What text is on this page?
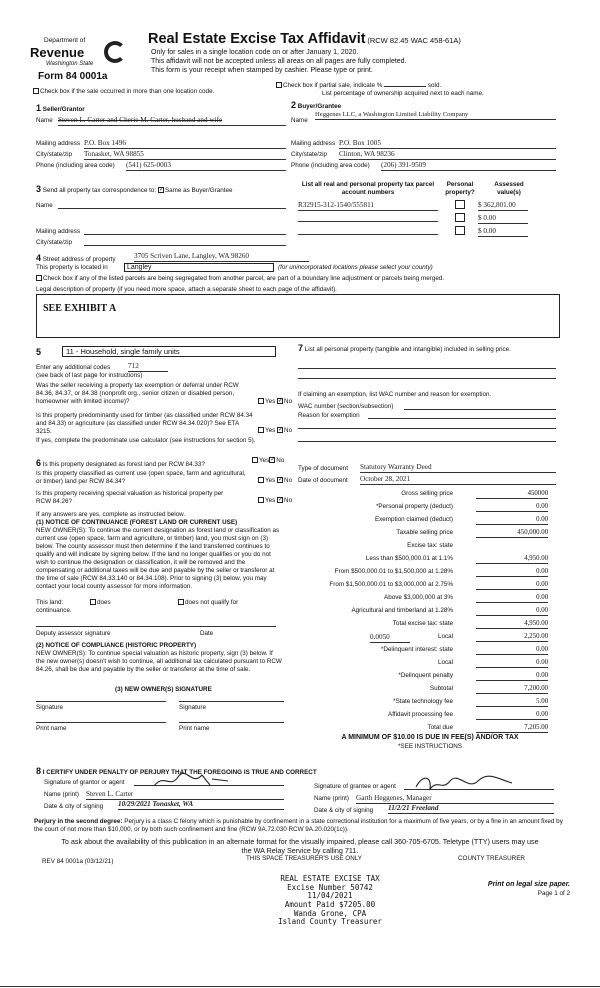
Department of
Revenue
Washington State
Form 84 0001a
Real Estate Excise Tax Affidavit (RCW 82.45 WAC 458-61A)
Only for sales in a single location code on or after January 1, 2020.
This affidavit will not be accepted unless all areas on all pages are fully completed.
This form is your receipt when stamped by cashier. Please type or print.
Check box if the sale occurred in more than one location code.
Check box if partial sale, indicate %	sold.
List percentage of ownership acquired next to each name.
1 Seller/Grantor
Name Steven L. Carter and Cherie M. Carter, husband and wife
Mailing address P.O. Box 1496
City/state/zip Tonasket, WA 98855
Phone (including area code) (541) 625-0003
2 Buyer/Grantee
Name
Heggenes LLC, a Washington Limited Liability Company
Mailing address P.O. Box 1005
City/state/zip Clinton, WA 98236
Phone (including area code) (206) 391-9509
3 Send all property tax correspondence to: ✓ Same as Buyer/Grantee
Name
Mailing address
City/state/zip
List all real and personal property tax parcel account numbers
Personal property?
Assessed value(s)
R32915-312-1540/555811	$ 362,801.00
$ 0.00
$ 0.00
4 Street address of property	3705 Scriven Lane, Langley, WA 98260
This property is located in	Langley	(for unincorporated locations please select your county)
Check box if any of the listed parcels are being segregated from another parcel, are part of a boundary line adjustment or parcels being merged.
Legal description of property (if you need more space, attach a separate sheet to each page of the affidavit).
SEE EXHIBIT A
5	11 - Household, single family units
Enter any additional codes 712
(see back of last page for instructions)
Was the seller receiving a property tax exemption or deferral under RCW 84.36, 84.37, or 84.38 (nonprofit org., senior citizen or disabled person, homeowner with limited income)?	Yes ✓ No
Is this property predominantly used for timber (as classified under RCW 84.34 and 84.33) or agriculture (as classified under RCW 84.34.020)? See ETA 3215.	Yes ✓ No
If yes, complete the predominate use calculator (see instructions for section 5).
6 Is this property designated as forest land per RCW 84.33?
Yes ✓ No
Is this property classified as current use (open space, farm and agricultural, or timber) land per RCW 84.34?	Yes ✓ No
Is this property receiving special valuation as historical property per RCW 84.26?	Yes ✓ No
If any answers are yes, complete as instructed below.
(1) NOTICE OF CONTINUANCE (FOREST LAND OR CURRENT USE)
NEW OWNER(S): To continue the current designation as forest land or classification as current use (open space, farm and agriculture, or timber) land, you must sign on (3) below. The county assessor must then determine if the land transferred continues to qualify and will indicate by signing below. If the land no longer qualifies or you do not wish to continue the designation or classification, it will be removed and the compensating or additional taxes will be due and payable by the seller or transferor at the time of sale (RCW 84.33.140 or 84.34.108). Prior to signing (3) below, you may contact your local county assessor for more information.
This land:	does	does not qualify for
continuance.
Deputy assessor signature	Date
(2) NOTICE OF COMPLIANCE (HISTORIC PROPERTY)
NEW OWNER(S): To continue special valuation as historic property, sign (3) below. If the new owner(s) doesn't wish to continue, all additional tax calculated pursuant to RCW 84.26, shall be due and payable by the seller or transferor at the time of sale.
(3) NEW OWNER(S) SIGNATURE
Signature	Signature
Print name	Print name
7 List all personal property (tangible and intangible) included in selling price.
If claiming an exemption, list WAC number and reason for exemption.
WAC number (section/subsection)
Reason for exemption
Type of document Statutory Warranty Deed
Date of document October 28, 2021
Gross selling price	450000
*Personal property (deduct)	0.00
Exemption claimed (deduct)	0.00
Taxable selling price	450,000.00
Excise tax: state
Less than $500,000.01 at 1.1%	4,950.00
From $500,000.01 to $1,500,000 at 1.28%	0.00
From $1,500,000.01 to $3,000,000 at 2.75%	0.00
Above $3,000,000 at 3%	0.00
Agricultural and timberland at 1.28%	0.00
Total excise tax: state	4,950.00
0.0050	Local	2,250.00
*Delinquent interest: state	0.00
Local	0.00
*Delinquent penalty	0.00
Subtotal	7,200.00
*State technology fee	5.00
Affidavit processing fee	0.00
Total due	7,205.00
A MINIMUM OF $10.00 IS DUE IN FEE(S) AND/OR TAX
*SEE INSTRUCTIONS
8 I CERTIFY UNDER PENALTY OF PERJURY THAT THE FOREGOING IS TRUE AND CORRECT
Signature of grantor or agent
Name (print) Steven L. Carter
Date & city of signing 10/29/2021 Tonasket, WA
Signature of grantee or agent
Name (print) Garth Heggenes, Manager
Date & city of signing 11/2/21 Freeland
Perjury in the second degree: Perjury is a class C felony which is punishable by confinement in a state correctional institution for a maximum of five years, or by a fine in an amount fixed by the court of not more than $10,000, or by both such confinement and fine (RCW 9A.72.030 RCW 9A.20.020(1c)).
To ask about the availability of this publication in an alternate format for the visually impaired, please call 360-705-6705. Teletype (TTY) users may use the WA Relay Service by calling 711.
REV 84 0001a (03/12/21)	THIS SPACE TREASURER'S USE ONLY	COUNTY TREASURER
REAL ESTATE EXCISE TAX
Excise Number 50742
11/04/2021
Amount Paid $7205.00
Wanda Grone, CPA
Island County Treasurer
Print on legal size paper.
Page 1 of 2
